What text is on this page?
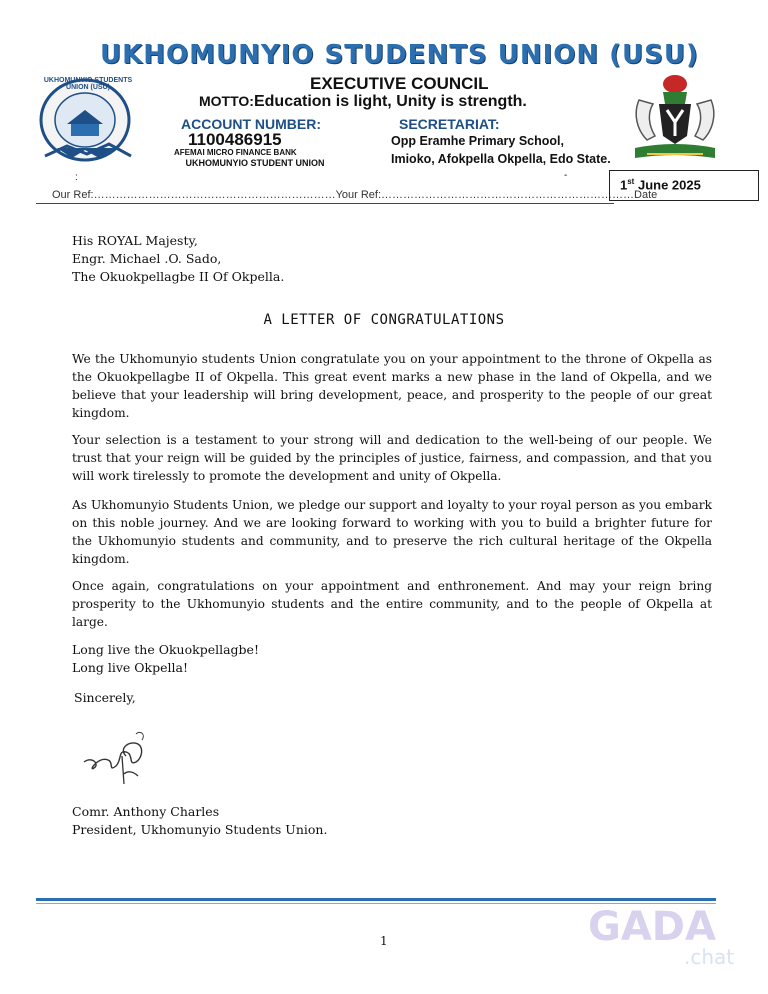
UKHOMUNYIO STUDENTS UNION (USU)
UKHOMUNYIO STUDENTS UNION (USU)	EXECUTIVE COUNCIL
MOTTO:Education is light, Unity is strength.
ACCOUNT NUMBER:
1100486915
AFEMAI MICRO FINANCE BANK
UKHOMUNYIO STUDENT UNION
SECRETARIAT:
Opp Eramhe Primary School,
Imioko, Afokpella Okpella, Edo State.
:	-
Our Ref:…………………………………………………………Your Ref:……………………………………………………………Date
1st June 2025
His ROYAL Majesty,
Engr. Michael .O. Sado,
The Okuokpellagbe II Of Okpella.
A LETTER OF CONGRATULATIONS
We the Ukhomunyio students Union congratulate you on your appointment to the throne of Okpella as the Okuokpellagbe II of Okpella. This great event marks a new phase in the land of Okpella, and we believe that your leadership will bring development, peace, and prosperity to the people of our great kingdom.
Your selection is a testament to your strong will and dedication to the well-being of our people. We trust that your reign will be guided by the principles of justice, fairness, and compassion, and that you will work tirelessly to promote the development and unity of Okpella.
As Ukhomunyio Students Union, we pledge our support and loyalty to your royal person as you embark on this noble journey. And we are looking forward to working with you to build a brighter future for the Ukhomunyio students and community, and to preserve the rich cultural heritage of the Okpella kingdom.
Once again, congratulations on your appointment and enthronement. And may your reign bring prosperity to the Ukhomunyio students and the entire community, and to the people of Okpella at large.
Long live the Okuokpellagbe!
Long live Okpella!
Sincerely,
Comr. Anthony Charles
President, Ukhomunyio Students Union.
1	GADA
.chat
